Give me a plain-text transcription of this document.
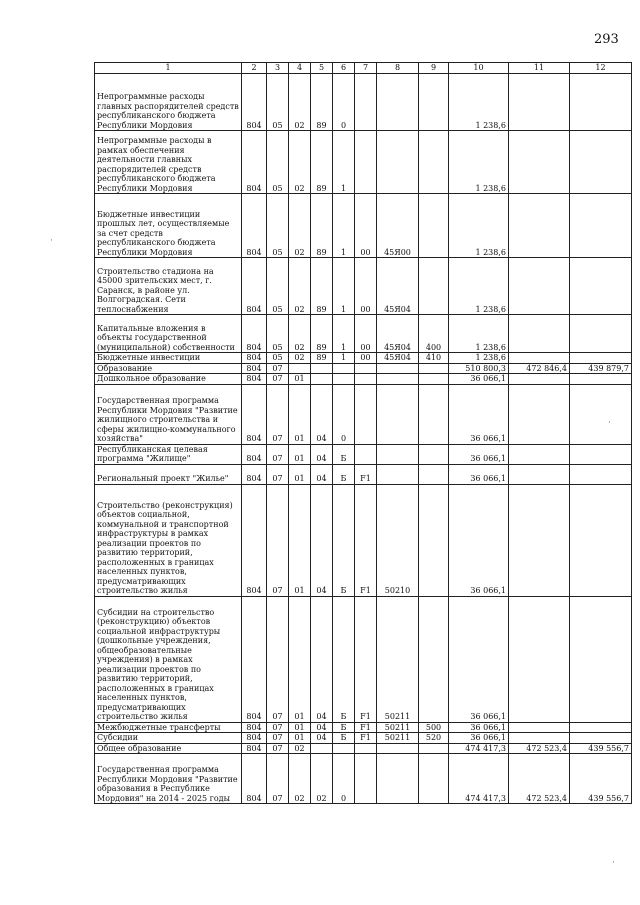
293
1	2	3	4	5	6	7	8	9	10	11	12
Непрограммные расходы главных распорядителей средств республиканского бюджета Республики Мордовия	804	05	02	89	0				1 238,6		
Непрограммные расходы в рамках обеспечения деятельности главных распорядителей средств республиканского бюджета Республики Мордовия	804	05	02	89	1				1 238,6		
Бюджетные инвестиции прошлых лет, осуществляемые за счет средств республиканского бюджета Республики Мордовия	804	05	02	89	1	00	45Я00		1 238,6		
Строительство стадиона на 45000 зрительских мест, г. Саранск, в районе ул. Волгоградская. Сети теплоснабжения	804	05	02	89	1	00	45Я04		1 238,6		
Капитальные вложения в объекты государственной (муниципальной) собственности	804	05	02	89	1	00	45Я04	400	1 238,6		
Бюджетные инвестиции	804	05	02	89	1	00	45Я04	410	1 238,6		
Образование	804	07							510 800,3	472 846,4	439 879,7
Дошкольное образование	804	07	01						36 066,1		
Государственная программа Республики Мордовия "Развитие жилищного строительства и сферы жилищно-коммунального хозяйства"	804	07	01	04	0				36 066,1		
Республиканская целевая программа "Жилище"	804	07	01	04	Б				36 066,1		
Региональный проект "Жилье"	804	07	01	04	Б	F1			36 066,1		
Строительство (реконструкция) объектов социальной, коммунальной и транспортной инфраструктуры в рамках реализации проектов по развитию территорий, расположенных в границах населенных пунктов, предусматривающих строительство жилья	804	07	01	04	Б	F1	50210		36 066,1		
Субсидии на строительство (реконструкцию) объектов социальной инфраструктуры (дошкольные учреждения, общеобразовательные учреждения) в рамках реализации проектов по развитию территорий, расположенных в границах населенных пунктов, предусматривающих строительство жилья	804	07	01	04	Б	F1	50211		36 066,1		
Межбюджетные трансферты	804	07	01	04	Б	F1	50211	500	36 066,1		
Субсидии	804	07	01	04	Б	F1	50211	520	36 066,1		
Общее образование	804	07	02						474 417,3	472 523,4	439 556,7
Государственная программа Республики Мордовия "Развитие образования в Республике Мордовия" на 2014 - 2025 годы	804	07	02	02	0				474 417,3	472 523,4	439 556,7
·
·
·
